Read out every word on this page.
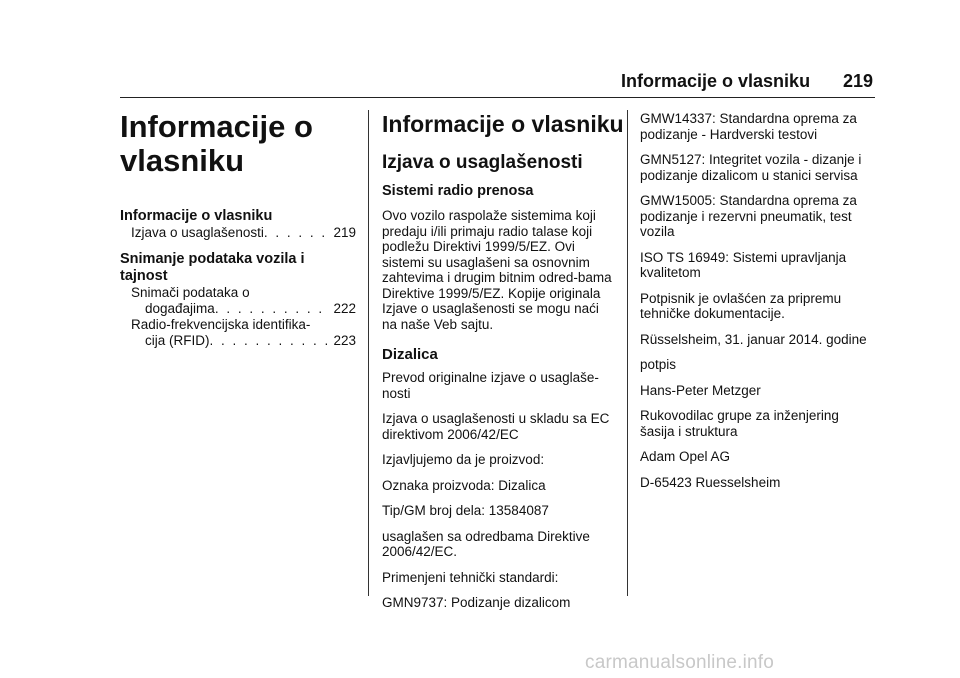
Informacije o vlasniku 219
Informacije o vlasniku
Informacije o vlasniku
Izjava o usaglašenosti . . .	219
Snimanje podataka vozila i tajnost
Snimači podataka o
događajima . . .	222
Radio-frekvencijska identifika-
cija (RFID) . . .	223
Informacije o vlasniku
Izjava o usaglašenosti
Sistemi radio prenosa

Ovo vozilo raspolaže sistemima koji predaju i/ili primaju radio talase koji podležu Direktivi 1999/5/EZ. Ovi sistemi su usaglašeni sa osnovnim zahtevima i drugim bitnim odred-bama Direktive 1999/5/EZ. Kopije originala Izjave o usaglašenosti se mogu naći na naše Veb sajtu.

Dizalica

Prevod originalne izjave o usaglaše-nosti

Izjava o usaglašenosti u skladu sa EC direktivom 2006/42/EC

Izjavljujemo da je proizvod:

Oznaka proizvoda: Dizalica

Tip/GM broj dela: 13584087

usaglašen sa odredbama Direktive 2006/42/EC.

Primenjeni tehnički standardi:

GMN9737: Podizanje dizalicom

GMW14337: Standardna oprema za podizanje - Hardverski testovi

GMN5127: Integritet vozila - dizanje i podizanje dizalicom u stanici servisa

GMW15005: Standardna oprema za podizanje i rezervni pneumatik, test vozila

ISO TS 16949: Sistemi upravljanja kvalitetom

Potpisnik je ovlašćen za pripremu tehničke dokumentacije.

Rüsselsheim, 31. januar 2014. godine

potpis

Hans-Peter Metzger

Rukovodilac grupe za inženjering šasija i struktura

Adam Opel AG

D-65423 Ruesselsheim

carmanualsonline.info
